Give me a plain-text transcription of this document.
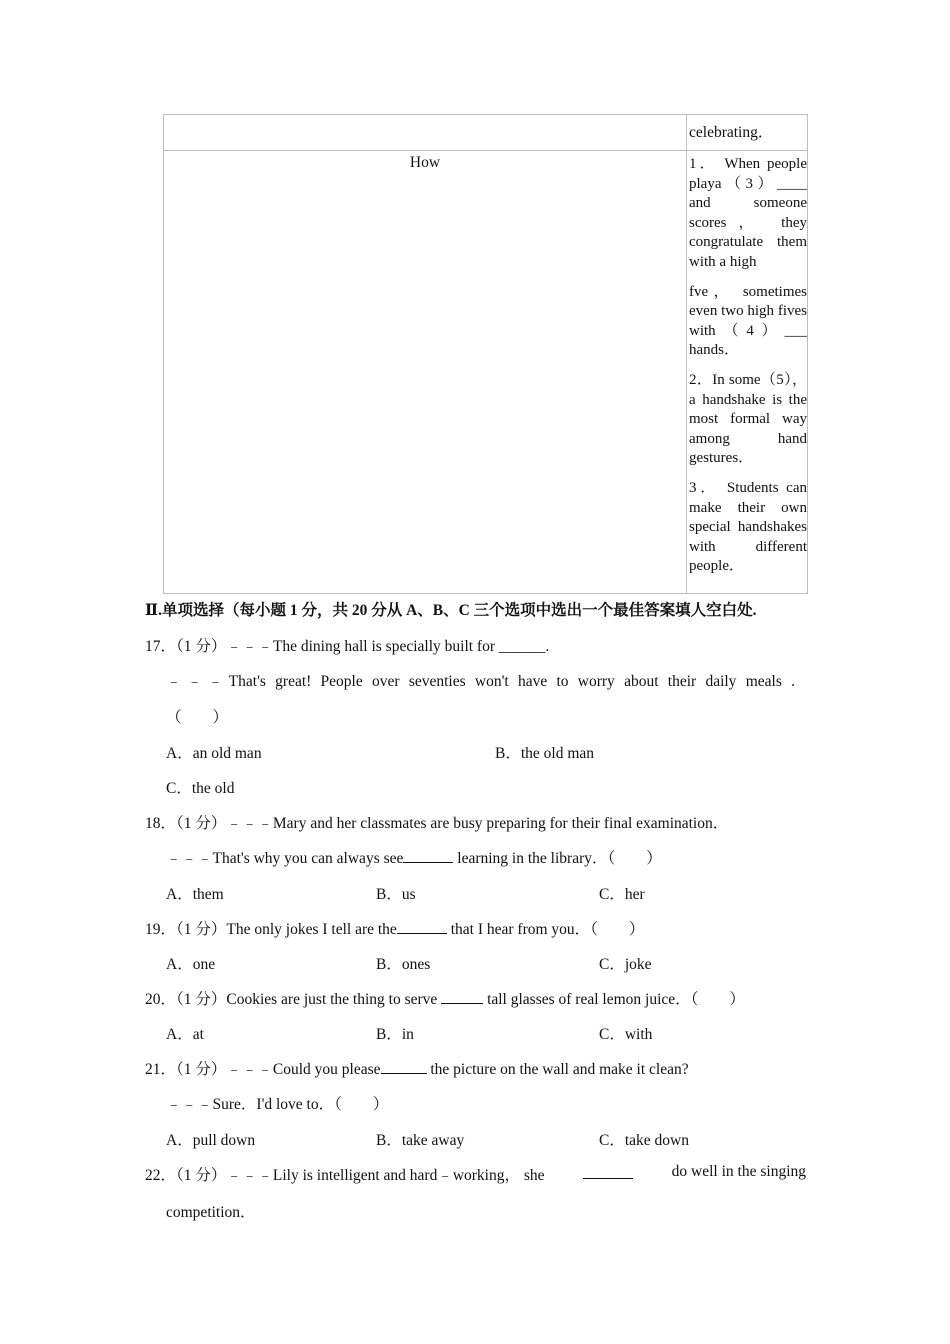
celebrating．
How	1． When people playa（3）____ and someone scores， they congratulate them with a high

fve， sometimes even two high fives with（4）___ hands．

2．In some（5）， a handshake is the most formal way among hand gestures．

3． Students can make their own special handshakes with different people．

Ⅱ.单项选择（每小题 1 分，共 20 分从 A、B、C 三个选项中选出一个最佳答案填人空白处.
17．（1 分）﹣﹣﹣The dining hall is specially built for ______.
﹣﹣﹣That's great! People over seventies won't have to worry about their daily meals .
（　　）
A．an old man	B．the old man
C．the old
18．（1 分）﹣﹣﹣Mary and her classmates are busy preparing for their final examination．
﹣﹣﹣That's why you can always see	learning in the library．（　　）
A．them	B．us	C．her
19．（1 分）The only jokes I tell are the	that I hear from you．（　　）
A．one	B．ones	C．joke
20．（1 分）Cookies are just the thing to serve	tall glasses of real lemon juice．（　　）
A．at	B．in	C．with
21．（1 分）﹣﹣﹣Could you please	the picture on the wall and make it clean?
﹣﹣﹣Sure．I'd love to．（　　）
A．pull down	B．take away	C．take down
22．（1 分）﹣﹣﹣Lily is intelligent and hard﹣working， she	do well in the singing
competition．
